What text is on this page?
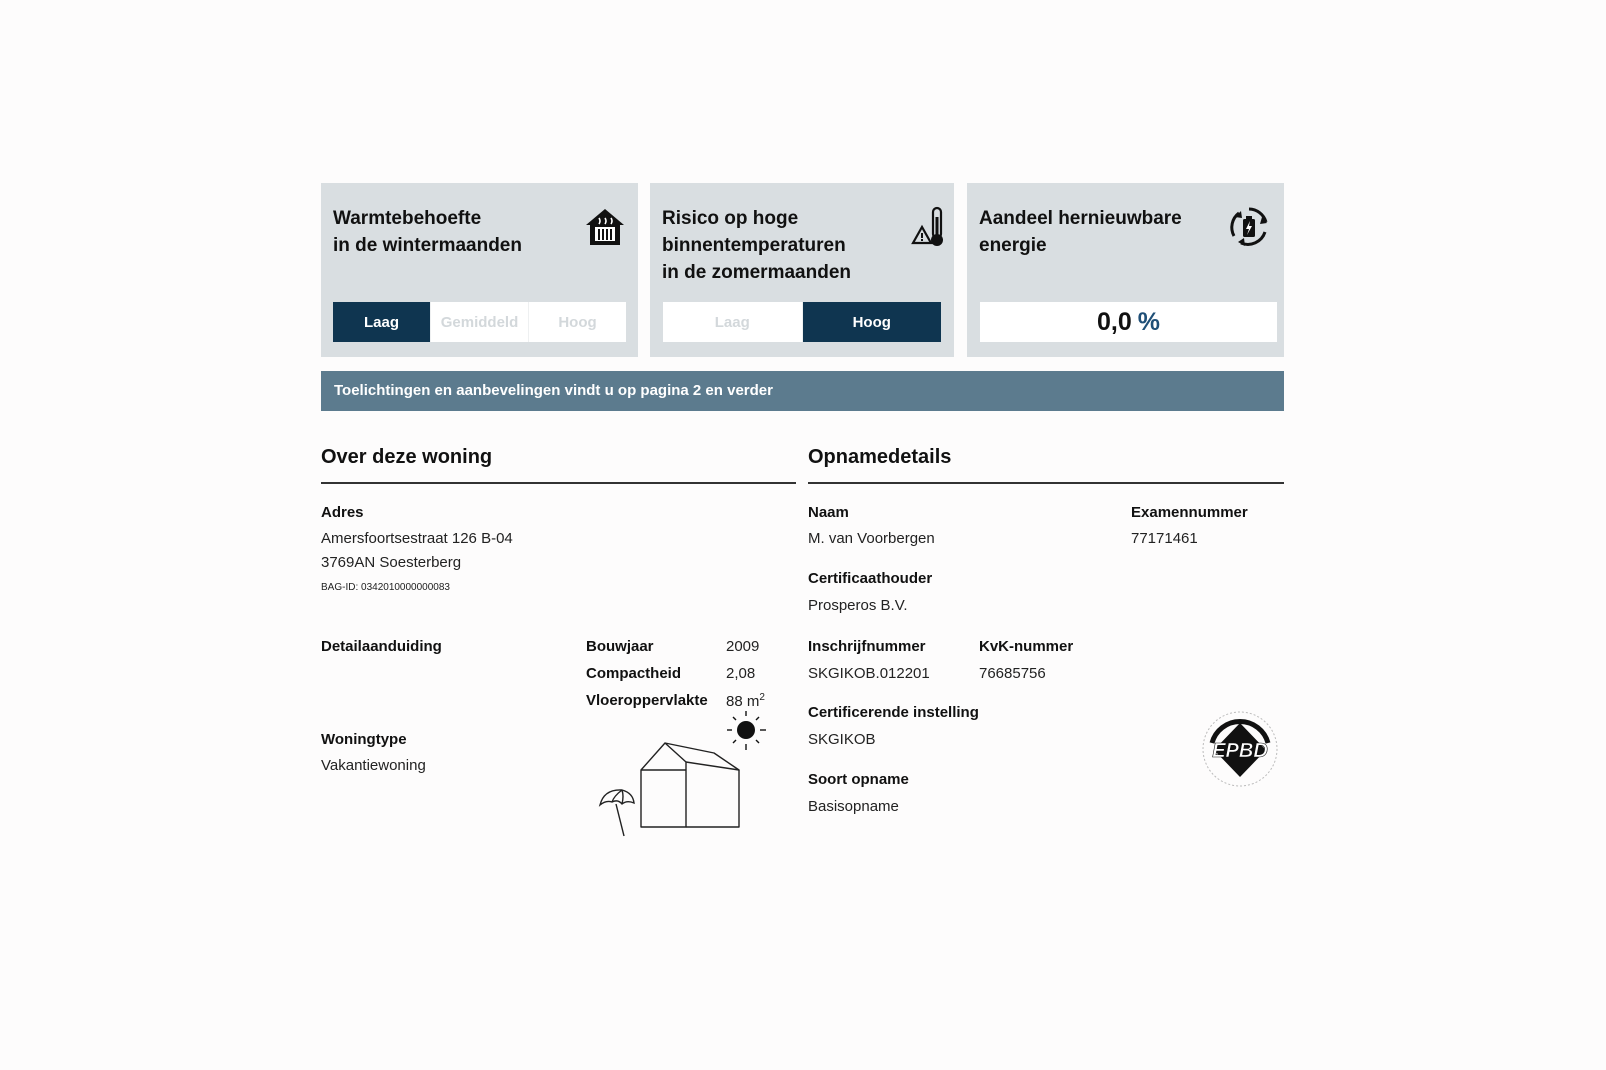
Warmtebehoefte
in de wintermaanden
Laag	Gemiddeld	Hoog
Risico op hoge
binnentemperaturen
in de zomermaanden
Laag	Hoog
Aandeel hernieuwbare
energie
0,0 %
Toelichtingen en aanbevelingen vindt u op pagina 2 en verder
Over deze woning
Adres
Amersfoortsestraat 126 B-04
3769AN Soesterberg
BAG-ID: 0342010000000083
Detailaanduiding	Bouwjaar	2009
Compactheid	2,08
Vloeroppervlakte 88 $m^2$
Woningtype
Vakantiewoning
Opnamedetails
Naam
M. van Voorbergen
Examennummer
77171461
Certificaathouder
Prosperos B.V.
Inschrijfnummer
SKGIKOB.012201
KvK-nummer
76685756
Certificerende instelling
SKGIKOB
Soort opname
Basisopname
EPBD
